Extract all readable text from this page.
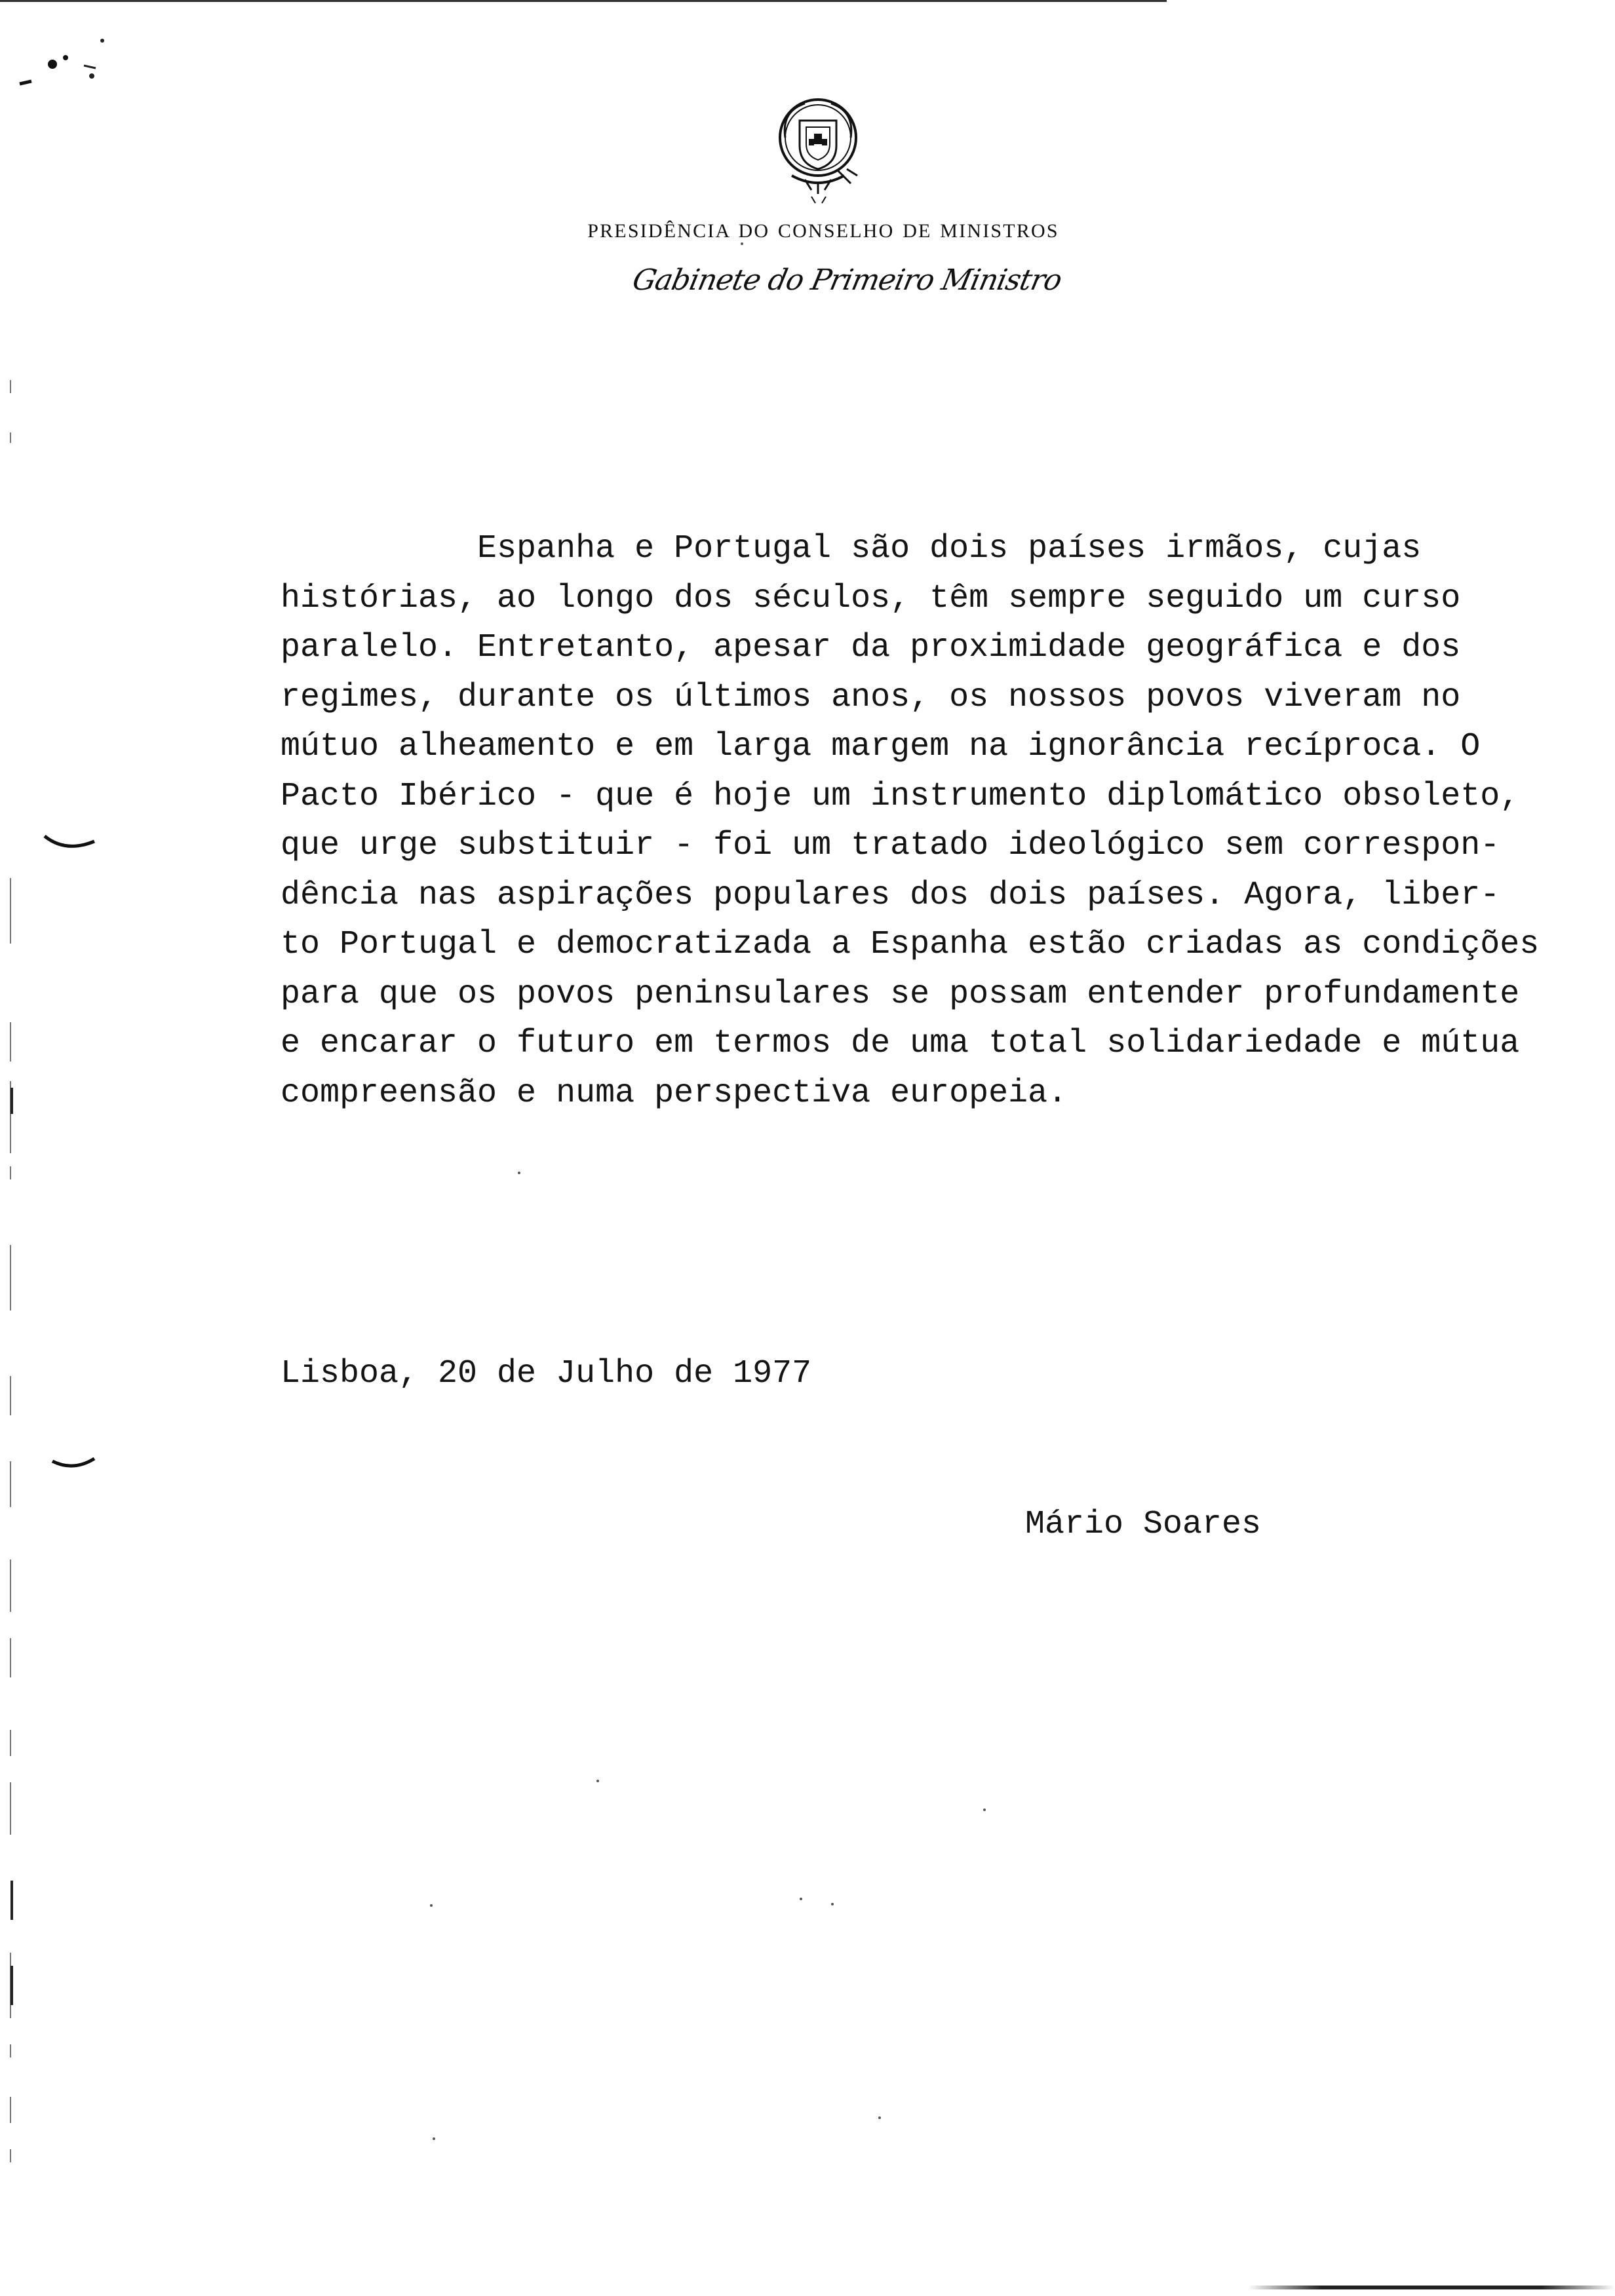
PRESIDÊNCIA DO CONSELHO DE MINISTROS
Gabinete do Primeiro Ministro
Espanha e Portugal são dois países irmãos, cujas
histórias, ao longo dos séculos, têm sempre seguido um curso
paralelo. Entretanto, apesar da proximidade geográfica e dos
regimes, durante os últimos anos, os nossos povos viveram no
mútuo alheamento e em larga margem na ignorância recíproca. O
Pacto Ibérico - que é hoje um instrumento diplomático obsoleto,
que urge substituir - foi um tratado ideológico sem correspon-
dência nas aspirações populares dos dois países. Agora, liber-
to Portugal e democratizada a Espanha estão criadas as condições
para que os povos peninsulares se possam entender profundamente
e encarar o futuro em termos de uma total solidariedade e mútua
compreensão e numa perspectiva europeia.
Lisboa, 20 de Julho de 1977
Mário Soares
